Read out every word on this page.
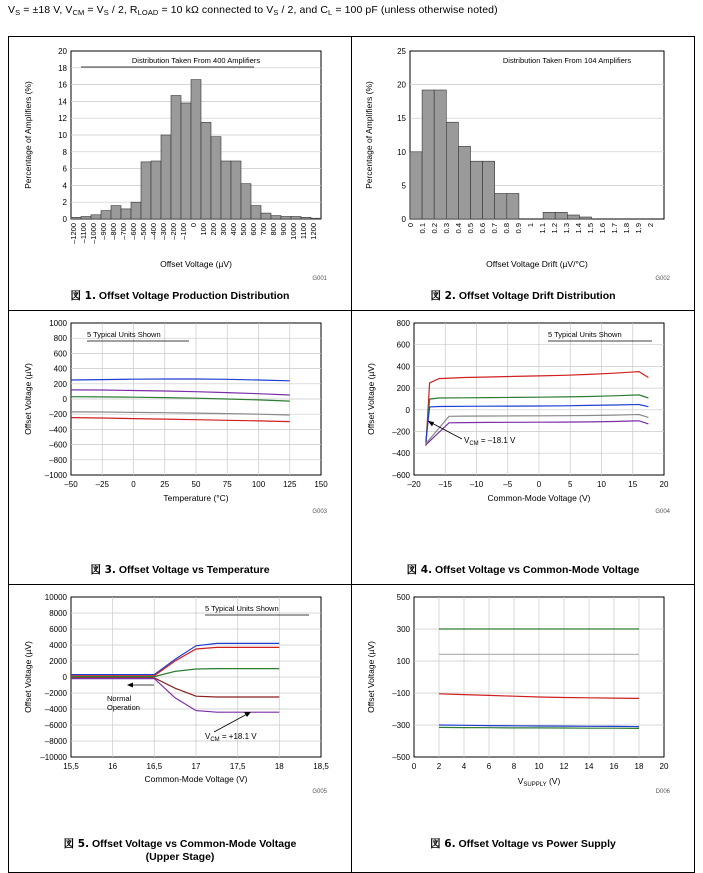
$V_S = \pm 18$ V, $V_{CM} = V_S / 2$, $R_{LOAD} = 10$ kΩ connected to $V_S / 2$, and $C_L = 100$ pF (unless otherwise noted)
0
2
4
6
8
10
12
14
16
18
20
Percentage of Amplifiers (%)
–1200 –1100 –1000 –900 –800 –700 –600 –500 –400 –300 –200 –100 0 100 200 300 400 500 600 700 800 900 1000 1100 1200
Offset Voltage (µV)
Distribution Taken From 400 Amplifiers
G001
図 1. Offset Voltage Production Distribution

0
5
10
15
20
25
Percentage of Amplifiers (%)
0 0.1 0.2 0.3 0.4 0.5 0.6 0.7 0.8 0.9 1 1.1 1.2 1.3 1.4 1.5 1.6 1.7 1.8 1.9 2
Offset Voltage Drift (µV/°C)
Distribution Taken From 104 Amplifiers
G002
図 2. Offset Voltage Drift Distribution

–1000
–800
–600
–400
–200
0
200
400
600
800
1000
–50 –25	0	25	50	75	100 125 150
Offset Voltage (µV)
Temperature (°C)
5 Typical Units Shown
G003
図 3. Offset Voltage vs Temperature

$V_{CM} = -18.1$ V
–600
–400
–200
0
200
400
600
800
–20 –15 –10	–5	0	5	10	15	20
Offset Voltage (µV)
Common-Mode Voltage (V)
5 Typical Units Shown
G004
図 4. Offset Voltage vs Common-Mode Voltage

Normal
Operation
$V_{CM} = +18.1$ V
–10000
–8000
–6000
–4000
–2000
0
2000
4000
6000
8000
10000
15,5	16	16,5	17	17,5	18	18,5
Offset Voltage (µV)
Common-Mode Voltage (V)
5 Typical Units Shown
G005
図 5. Offset Voltage vs Common-Mode Voltage
(Upper Stage)

–500
–300
–100
100
300
500
0	2	4	6	8 10 12 14 16 18 20
Offset Voltage (µV)
$V_{SUPPLY}$ (V)
D006
図 6. Offset Voltage vs Power Supply
